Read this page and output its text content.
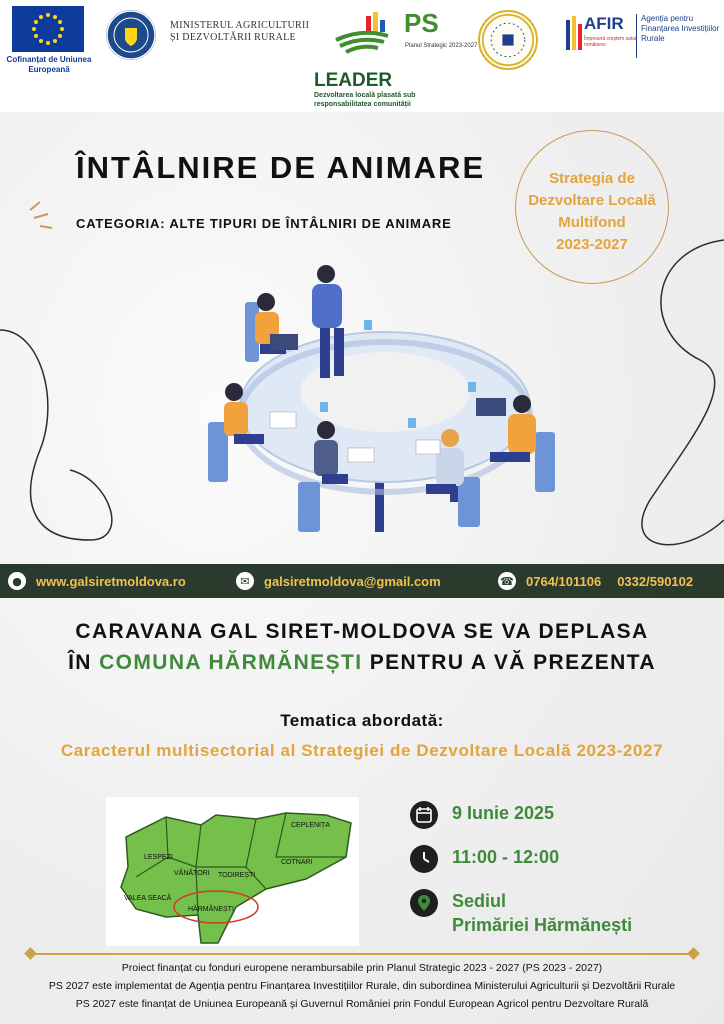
Cofinanțat de Uniunea Europeană
MINISTERUL AGRICULTURII ȘI DEZVOLTĂRII RURALE	PS
Planul Strategic 2023-2027
LEADER
Dezvoltarea locală plasată sub responsabilitatea comunității
AFIR
Împreună creștem satul românesc
Agenția pentru Finanțarea Investițiilor Rurale
ÎNTÂLNIRE DE ANIMARE
CATEGORIA: ALTE TIPURI DE ÎNTÂLNIRI DE ANIMARE
Strategia de
Dezvoltare Locală
Multifond
2023-2027
●	www.galsiretmoldova.ro	✉	galsiretmoldova@gmail.com	☎ 0764/101106 0332/590102
CARAVANA GAL SIRET-MOLDOVA SE VA DEPLASA
ÎN COMUNA HĂRMĂNEȘTI PENTRU A VĂ PREZENTA
Tematica abordată:
Caracterul multisectorial al Strategiei de Dezvoltare Locală 2023-2027
CEPLENIȚA
LESPEZI
COTNARI
VÂNĂTORI TODIREȘTI
VALEA SEACĂ
HĂRMĂNEȘTI
9 Iunie 2025
11:00 - 12:00
Sediul
Primăriei Hărmănești
Proiect finanțat cu fonduri europene nerambursabile prin Planul Strategic 2023 - 2027 (PS 2023 - 2027)
PS 2027 este implementat de Agenția pentru Finanțarea Investițiilor Rurale, din subordinea Ministerului Agriculturii și Dezvoltării Rurale
PS 2027 este finanțat de Uniunea Europeană și Guvernul României prin Fondul European Agricol pentru Dezvoltare Rurală
